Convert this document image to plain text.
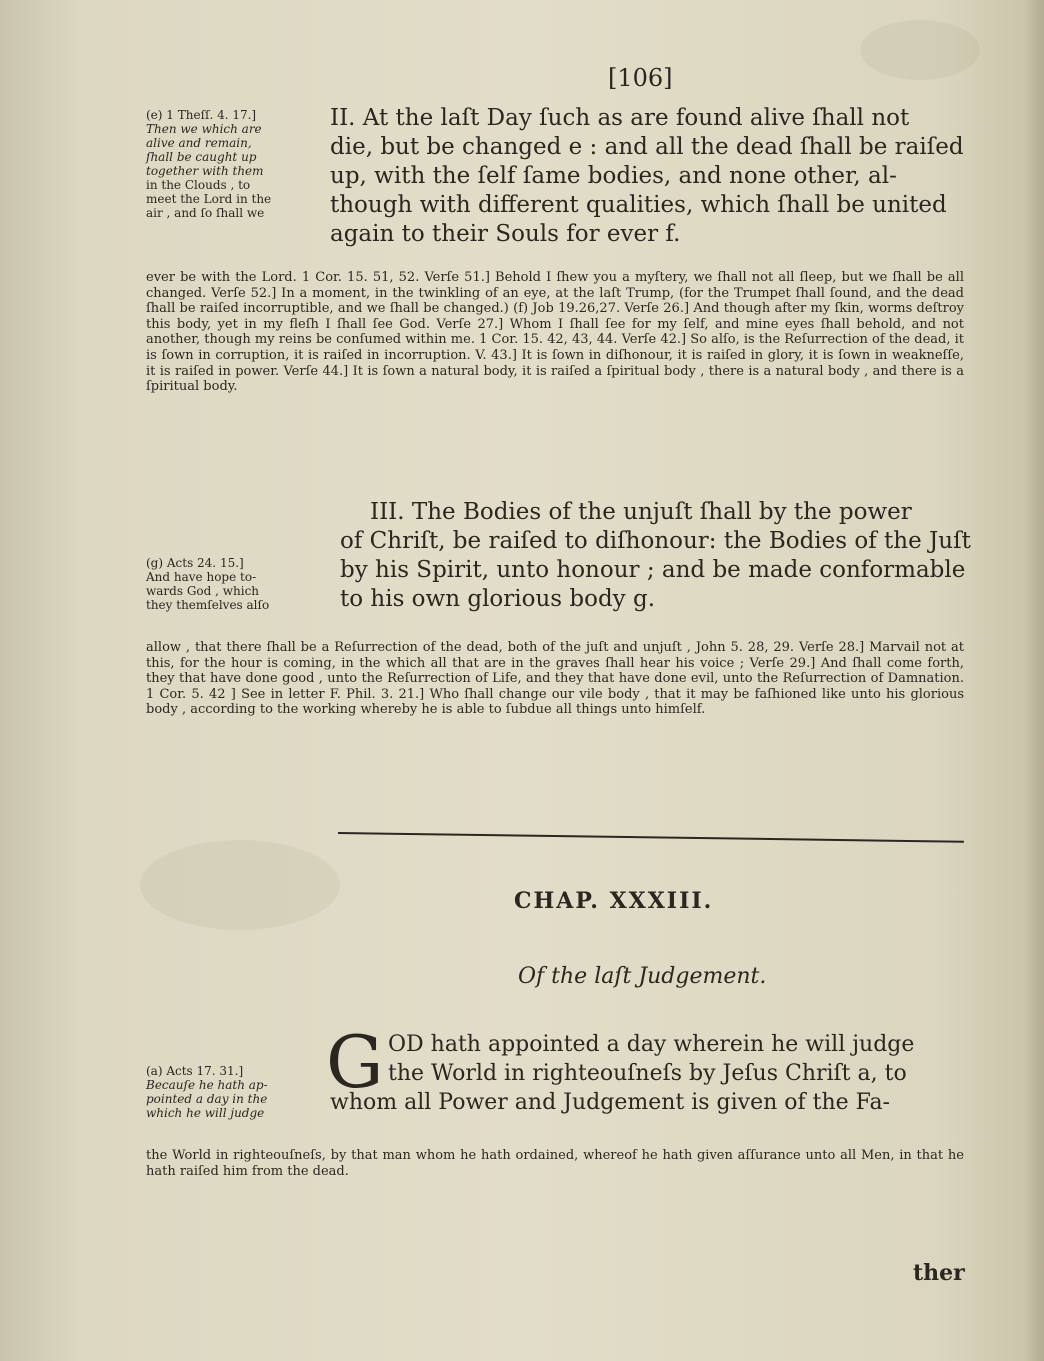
[106]
(e) 1 Theſſ. 4. 17.]
Then we which are
alive and remain,
ſhall be caught up
together with them
in the Clouds , to
meet the Lord in the
air , and ſo ſhall we
II. At the laſt Day ſuch as are found alive ſhall not
die, but be changed e : and all the dead ſhall be raiſed
up, with the ſelf ſame bodies, and none other, al-
though with different qualities, which ſhall be united
again to their Souls for ever f.
ever be with the Lord. 1 Cor. 15. 51, 52. Verſe 51.] Behold I ſhew you a myſtery, we ſhall not all ſleep, but we ſhall be all changed. Verſe 52.] In a moment, in the twinkling of an eye, at the laſt Trump, (for the Trumpet ſhall ſound, and the dead ſhall be raiſed incorruptible, and we ſhall be changed.) (f) Job 19.26,27. Verſe 26.] And though after my ſkin, worms deſtroy this body, yet in my fleſh I ſhall ſee God. Verſe 27.] Whom I ſhall ſee for my ſelf, and mine eyes ſhall behold, and not another, though my reins be conſumed within me. 1 Cor. 15. 42, 43, 44. Verſe 42.] So alſo, is the Reſurrection of the dead, it is ſown in corruption, it is raiſed in incorruption. V. 43.] It is ſown in diſhonour, it is raiſed in glory, it is ſown in weakneſſe, it is raiſed in power. Verſe 44.] It is ſown a natural body, it is raiſed a ſpiritual body , there is a natural body , and there is a ſpiritual body.
III. The Bodies of the unjuſt ſhall by the power
of Chriſt, be raiſed to diſhonour: the Bodies of the Juſt
by his Spirit, unto honour ; and be made conformable
to his own glorious body g.
(g) Acts 24. 15.]
And have hope to-
wards God , which
they themſelves alſo
allow , that there ſhall be a Reſurrection of the dead, both of the juſt and unjuſt , John 5. 28, 29. Verſe 28.] Marvail not at this, for the hour is coming, in the which all that are in the graves ſhall hear his voice ; Verſe 29.] And ſhall come forth, they that have done good , unto the Reſurrection of Life, and they that have done evil, unto the Reſurrection of Damnation. 1 Cor. 5. 42 ] See in letter F. Phil. 3. 21.] Who ſhall change our vile body , that it may be faſhioned like unto his glorious body , according to the working whereby he is able to ſubdue all things unto himſelf.
CHAP. XXXIII.
Of the laſt Judgement.
(a) Acts 17. 31.]
Becauſe he hath ap-
pointed a day in the
which he will judge
G OD hath appointed a day wherein he will judge
the World in righteouſneſs by Jeſus Chriſt a, to
whom all Power and Judgement is given of the Fa-
the World in righteouſneſs, by that man whom he hath ordained, whereof he hath given aſſurance unto all Men, in that he hath raiſed him from the dead.
ther
